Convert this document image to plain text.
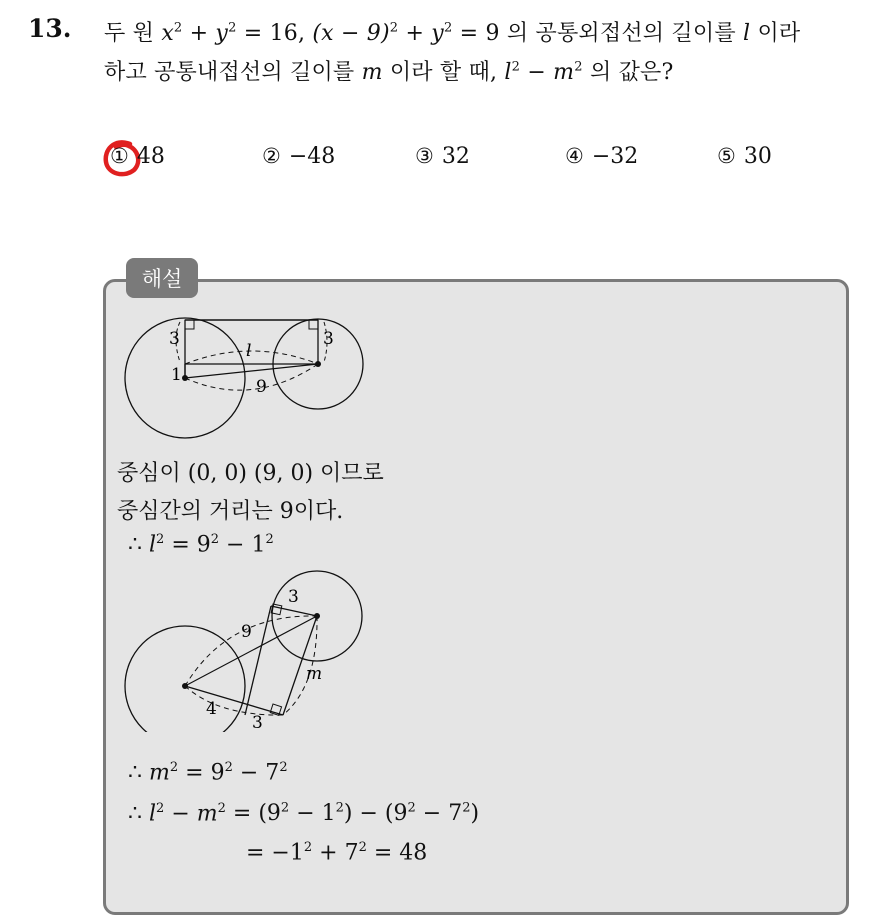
13. 두 원 $x^2 + y^2 = 16$, $(x - 9)^2 + y^2 = 9$ 의 공통외접선의 길이를 l 이라
하고 공통내접선의 길이를 m 이라 할 때, $l^2 - m^2$ 의 값은?
① 48	② −48	③ 32	④ −32	⑤ 30
해설
3	3
l
1
9
중심이 (0, 0) (9, 0) 이므로
중심간의 거리는 9이다.
∴ $l^2 = 9^2 - 1^2$
3
9
m
4
3
∴ $m^2 = 9^2 - 7^2$
∴ $l^2 - m^2 = (9^2 - 1^2) - (9^2 - 7^2)$
= $-1^2 + 7^2 = 48$
